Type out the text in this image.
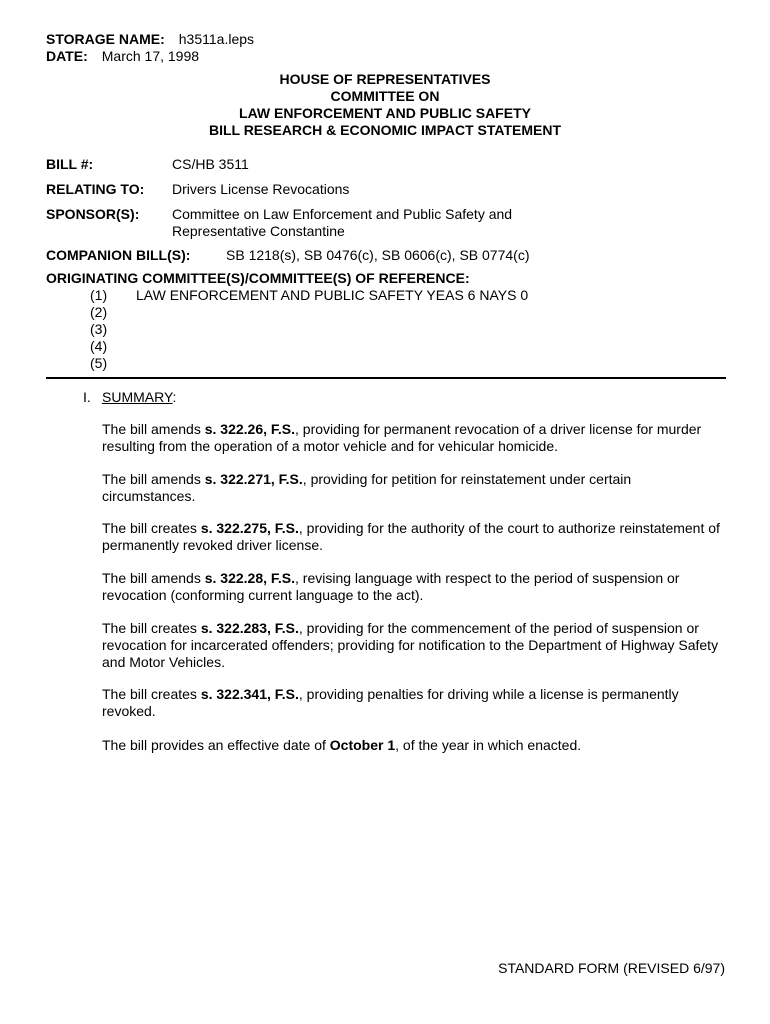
STORAGE NAME: h3511a.leps
DATE: March 17, 1998
HOUSE OF REPRESENTATIVES
COMMITTEE ON
LAW ENFORCEMENT AND PUBLIC SAFETY
BILL RESEARCH & ECONOMIC IMPACT STATEMENT
BILL #:	CS/HB 3511
RELATING TO: Drivers License Revocations
SPONSOR(S): Committee on Law Enforcement and Public Safety and
Representative Constantine
COMPANION BILL(S):	SB 1218(s), SB 0476(c), SB 0606(c), SB 0774(c)
ORIGINATING COMMITTEE(S)/COMMITTEE(S) OF REFERENCE:
(1) LAW ENFORCEMENT AND PUBLIC SAFETY YEAS 6 NAYS 0
(2)
(3)
(4)
(5)
I. SUMMARY:
The bill amends s. 322.26, F.S., providing for permanent revocation of a driver license for murder resulting from the operation of a motor vehicle and for vehicular homicide.
The bill amends s. 322.271, F.S., providing for petition for reinstatement under certain circumstances.
The bill creates s. 322.275, F.S., providing for the authority of the court to authorize reinstatement of permanently revoked driver license.
The bill amends s. 322.28, F.S., revising language with respect to the period of suspension or revocation (conforming current language to the act).
The bill creates s. 322.283, F.S., providing for the commencement of the period of suspension or revocation for incarcerated offenders; providing for notification to the Department of Highway Safety and Motor Vehicles.
The bill creates s. 322.341, F.S., providing penalties for driving while a license is permanently revoked.
The bill provides an effective date of October 1, of the year in which enacted.
STANDARD FORM (REVISED 6/97)
